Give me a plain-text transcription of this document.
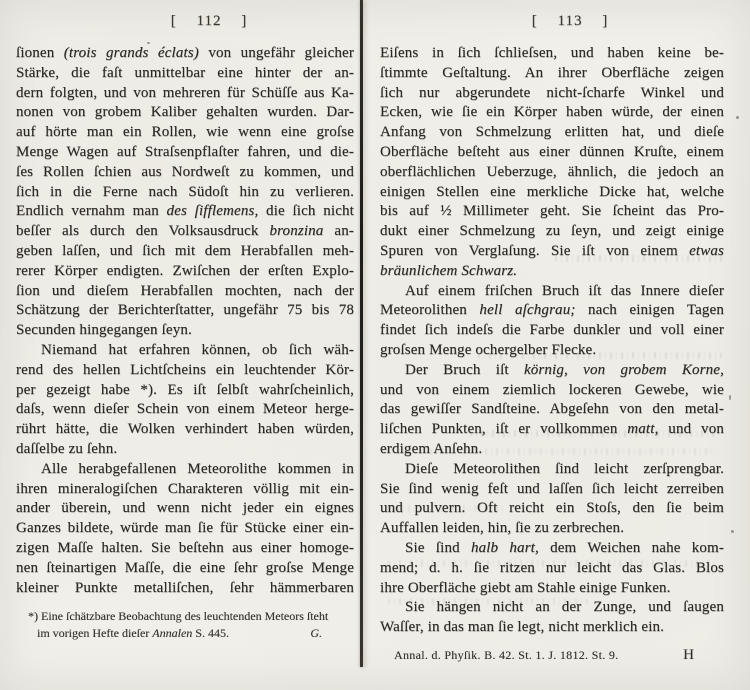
[ 112 ]
ſionen (trois grands éclats) von ungefähr gleicher
Stärke, die faſt unmittelbar eine hinter der an-
dern folgten, und von mehreren für Schüſſe aus Ka-
nonen von grobem Kaliber gehalten wurden. Dar-
auf hörte man ein Rollen, wie wenn eine groſse
Menge Wagen auf Straſsenpflaſter fahren, und die-
ſes Rollen ſchien aus Nordweſt zu kommen, und
ſich in die Ferne nach Südoſt hin zu verlieren.
Endlich vernahm man des ſifflemens, die ſich nicht
beſſer als durch den Volksausdruck bronzina an-
geben laſſen, und ſich mit dem Herabfallen meh-
rerer Körper endigten. Zwiſchen der erſten Explo-
ſion und dieſem Herabfallen mochten, nach der
Schätzung der Berichterſtatter, ungefähr 75 bis 78
Secunden hingegangen ſeyn.
Niemand hat erfahren können, ob ſich wäh-
rend des hellen Lichtſcheins ein leuchtender Kör-
per gezeigt habe *). Es iſt ſelbſt wahrſcheinlich,
daſs, wenn dieſer Schein von einem Meteor herge-
rührt hätte, die Wolken verhindert haben würden,
daſſelbe zu ſehn.
Alle herabgefallenen Meteorolithe kommen in
ihren mineralogiſchen Charakteren völlig mit ein-
ander überein, und wenn nicht jeder ein eignes
Ganzes bildete, würde man ſie für Stücke einer ein-
zigen Maſſe halten. Sie beſtehn aus einer homoge-
nen ſteinartigen Maſſe, die eine ſehr groſse Menge
kleiner Punkte metalliſchen, ſehr hämmerbaren
*) Eine ſchätzbare Beobachtung des leuchtenden Meteors ſteht
im vorigen Hefte dieſer Annalen S. 445.	G.
[ 113 ]
Eiſens in ſich ſchlieſsen, und haben keine be-
ſtimmte Geſtaltung. An ihrer Oberfläche zeigen
ſich nur abgerundete nicht-ſcharfe Winkel und
Ecken, wie ſie ein Körper haben würde, der einen
Anfang von Schmelzung erlitten hat, und dieſe
Oberfläche beſteht aus einer dünnen Kruſte, einem
oberflächlichen Ueberzuge, ähnlich, die jedoch an
einigen Stellen eine merkliche Dicke hat, welche
bis auf ½ Millimeter geht. Sie ſcheint das Pro-
dukt einer Schmelzung zu ſeyn, und zeigt einige
Spuren von Verglaſung. Sie iſt von einem etwas
bräunlichem Schwarz.
Auf einem friſchen Bruch iſt das Innere dieſer
Meteorolithen hell aſchgrau; nach einigen Tagen
findet ſich indeſs die Farbe dunkler und voll einer
groſsen Menge ochergelber Flecke.
Der Bruch iſt körnig, von grobem Korne,
und von einem ziemlich lockeren Gewebe, wie
das gewiſſer Sandſteine. Abgeſehn von den metal-
liſchen Punkten, iſt er vollkommen matt, und von
erdigem Anſehn.
Dieſe Meteorolithen ſind leicht zerſprengbar.
Sie ſind wenig feſt und laſſen ſich leicht zerreiben
und pulvern. Oft reicht ein Stoſs, den ſie beim
Auffallen leiden, hin, ſie zu zerbrechen.
Sie ſind halb hart, dem Weichen nahe kom-
mend; d. h. ſie ritzen nur leicht das Glas. Blos
ihre Oberfläche giebt am Stahle einige Funken.
Sie hängen nicht an der Zunge, und ſaugen
Waſſer, in das man ſie legt, nicht merklich ein.
Annal. d. Phyſik. B. 42. St. 1. J. 1812. St. 9.	H
